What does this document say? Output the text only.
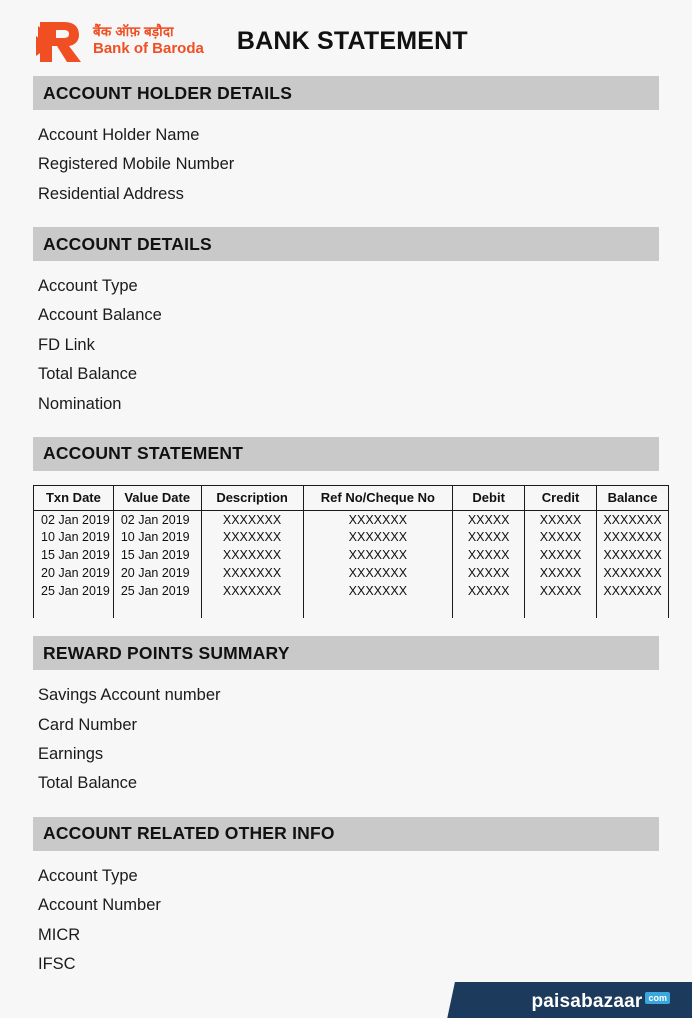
बैंक ऑफ़ बड़ौदा
Bank of Baroda BANK STATEMENT
ACCOUNT HOLDER DETAILS
Account Holder Name
Registered Mobile Number
Residential Address
ACCOUNT DETAILS
Account Type
Account Balance
FD Link
Total Balance
Nomination
ACCOUNT STATEMENT
Txn Date	Value Date	Description	Ref No/Cheque No	Debit	Credit	Balance
02 Jan 2019	02 Jan 2019	XXXXXXX	XXXXXXX	XXXXX	XXXXX	XXXXXXX
10 Jan 2019	10 Jan 2019	XXXXXXX	XXXXXXX	XXXXX	XXXXX	XXXXXXX
15 Jan 2019	15 Jan 2019	XXXXXXX	XXXXXXX	XXXXX	XXXXX	XXXXXXX
20 Jan 2019	20 Jan 2019	XXXXXXX	XXXXXXX	XXXXX	XXXXX	XXXXXXX
25 Jan 2019	25 Jan 2019	XXXXXXX	XXXXXXX	XXXXX	XXXXX	XXXXXXX

REWARD POINTS SUMMARY
Savings Account number
Card Number
Earnings
Total Balance
ACCOUNT RELATED OTHER INFO
Account Type
Account Number
MICR
IFSC
paisabazaar com
